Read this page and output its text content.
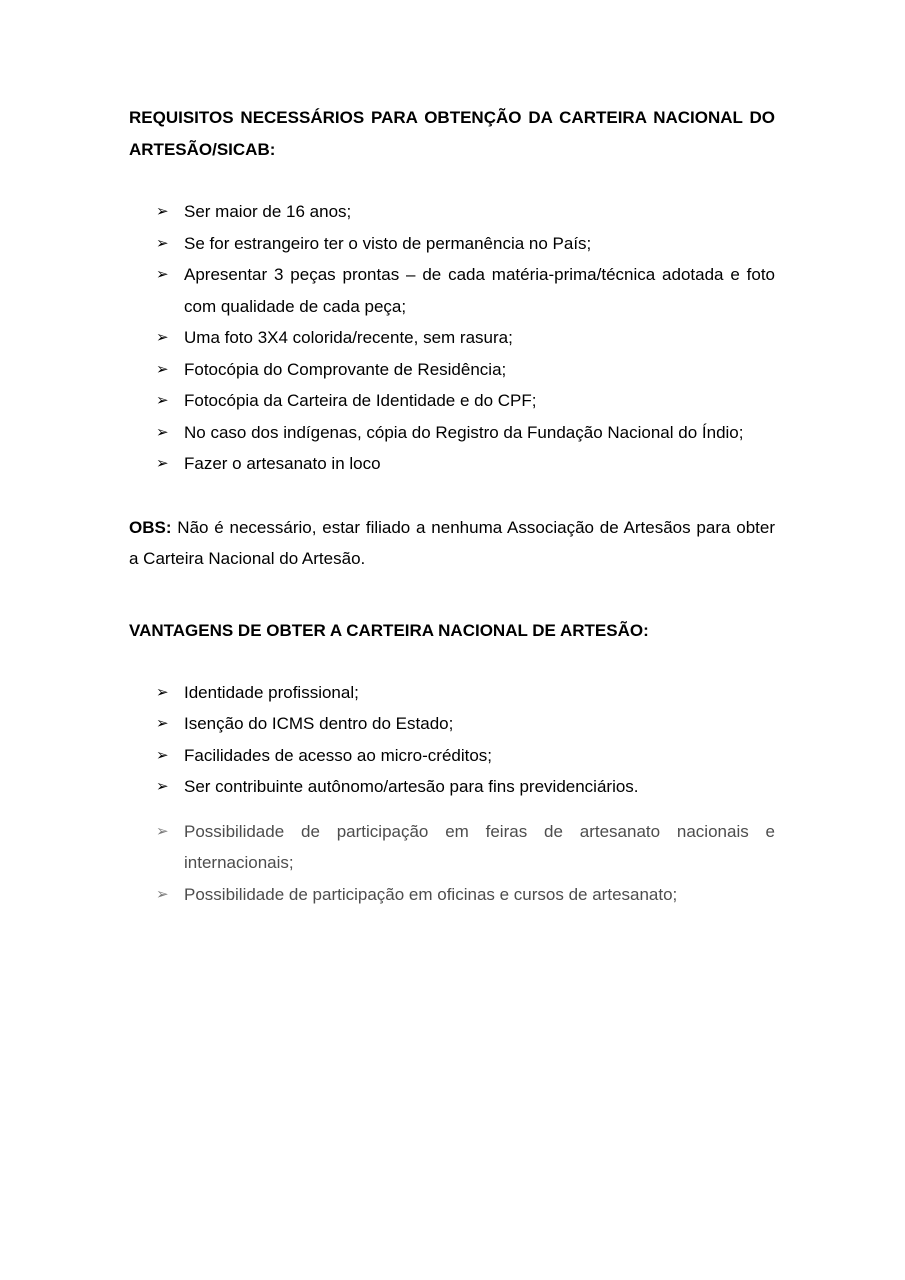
REQUISITOS NECESSÁRIOS PARA OBTENÇÃO DA CARTEIRA NACIONAL DO ARTESÃO/SICAB:

➢ Ser maior de 16 anos;
➢ Se for estrangeiro ter o visto de permanência no País;
➢ Apresentar 3 peças prontas – de cada matéria-prima/técnica adotada e foto com qualidade de cada peça;
➢ Uma foto 3X4 colorida/recente, sem rasura;
➢ Fotocópia do Comprovante de Residência;
➢ Fotocópia da Carteira de Identidade e do CPF;
➢ No caso dos indígenas, cópia do Registro da Fundação Nacional do Índio;
➢ Fazer o artesanato in loco

OBS: Não é necessário, estar filiado a nenhuma Associação de Artesãos para obter a Carteira Nacional do Artesão.

VANTAGENS DE OBTER A CARTEIRA NACIONAL DE ARTESÃO:

➢ Identidade profissional;
➢ Isenção do ICMS dentro do Estado;
➢ Facilidades de acesso ao micro-créditos;
➢ Ser contribuinte autônomo/artesão para fins previdenciários.
➢ Possibilidade de participação em feiras de artesanato nacionais e internacionais;
➢ Possibilidade de participação em oficinas e cursos de artesanato;
